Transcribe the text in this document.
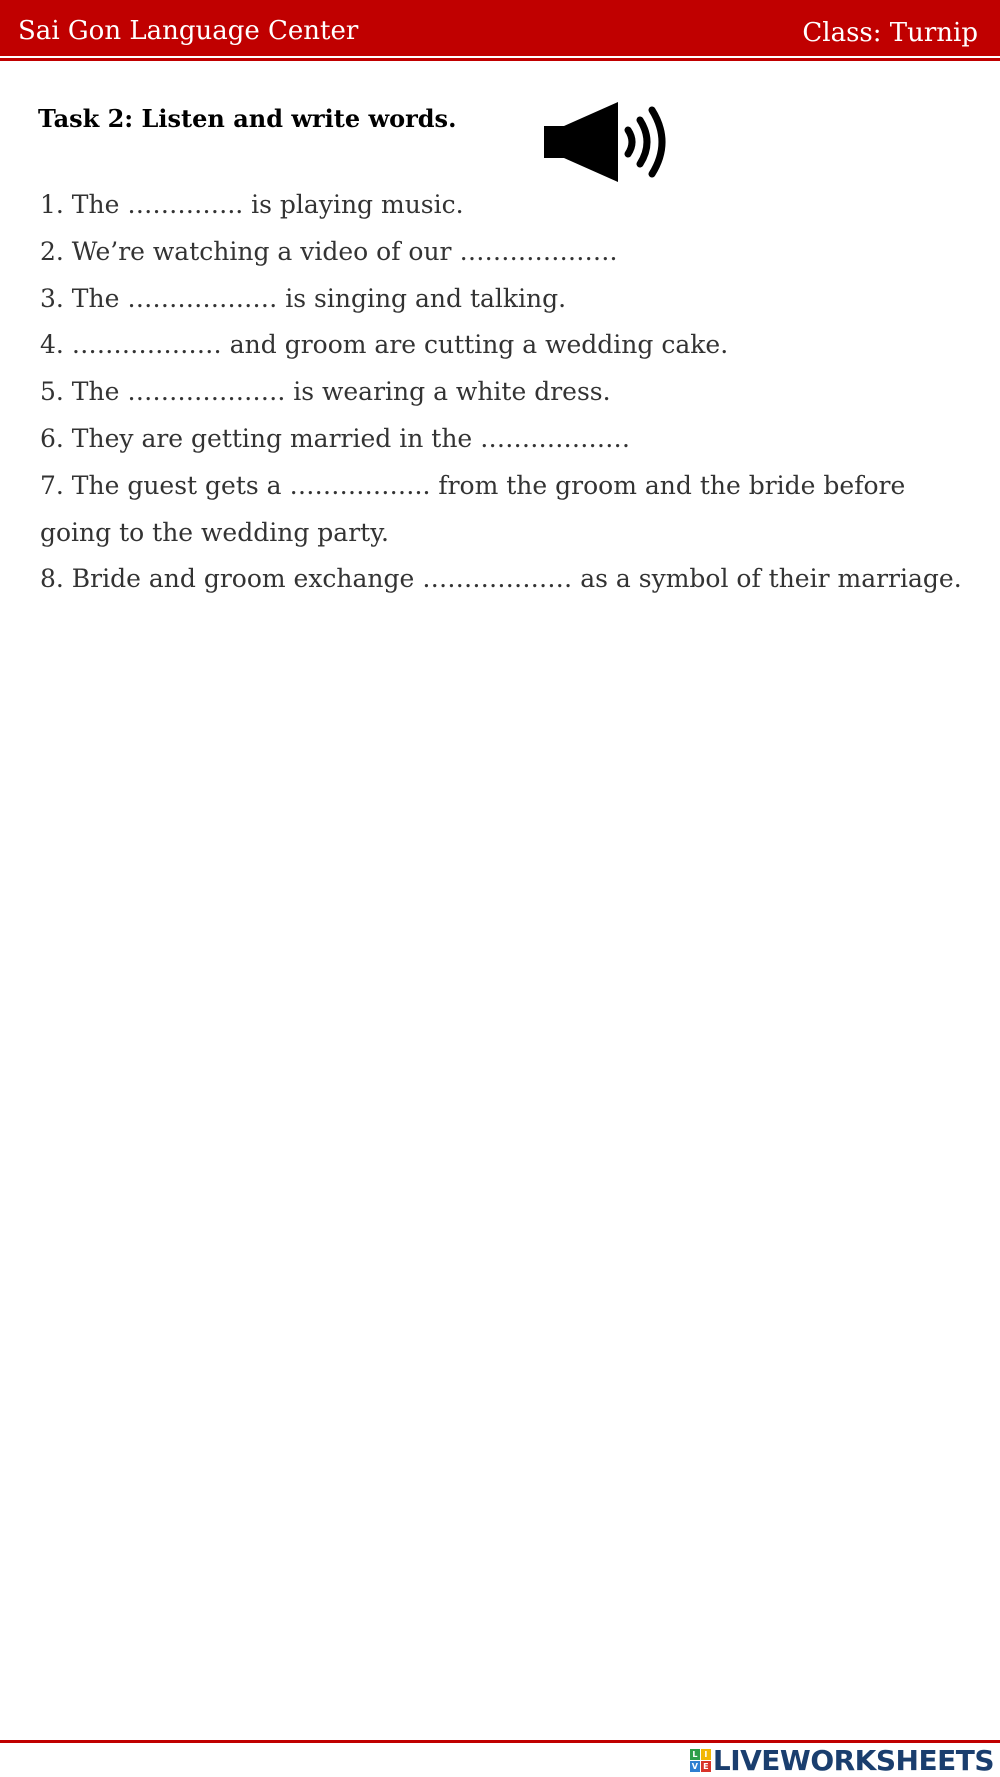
Sai Gon Language Center	Class: Turnip
Task 2: Listen and write words.
1. The ………….. is playing music.
2. We’re watching a video of our ……………….
3. The ……………… is singing and talking.
4. ……………… and groom are cutting a wedding cake.
5. The ………………. is wearing a white dress.
6. They are getting married in the ………………
7. The guest gets a …………….. from the groom and the bride before going to the wedding party.
8. Bride and groom exchange ……………… as a symbol of their marriage.
L I
V E LIVEWORKSHEETS
